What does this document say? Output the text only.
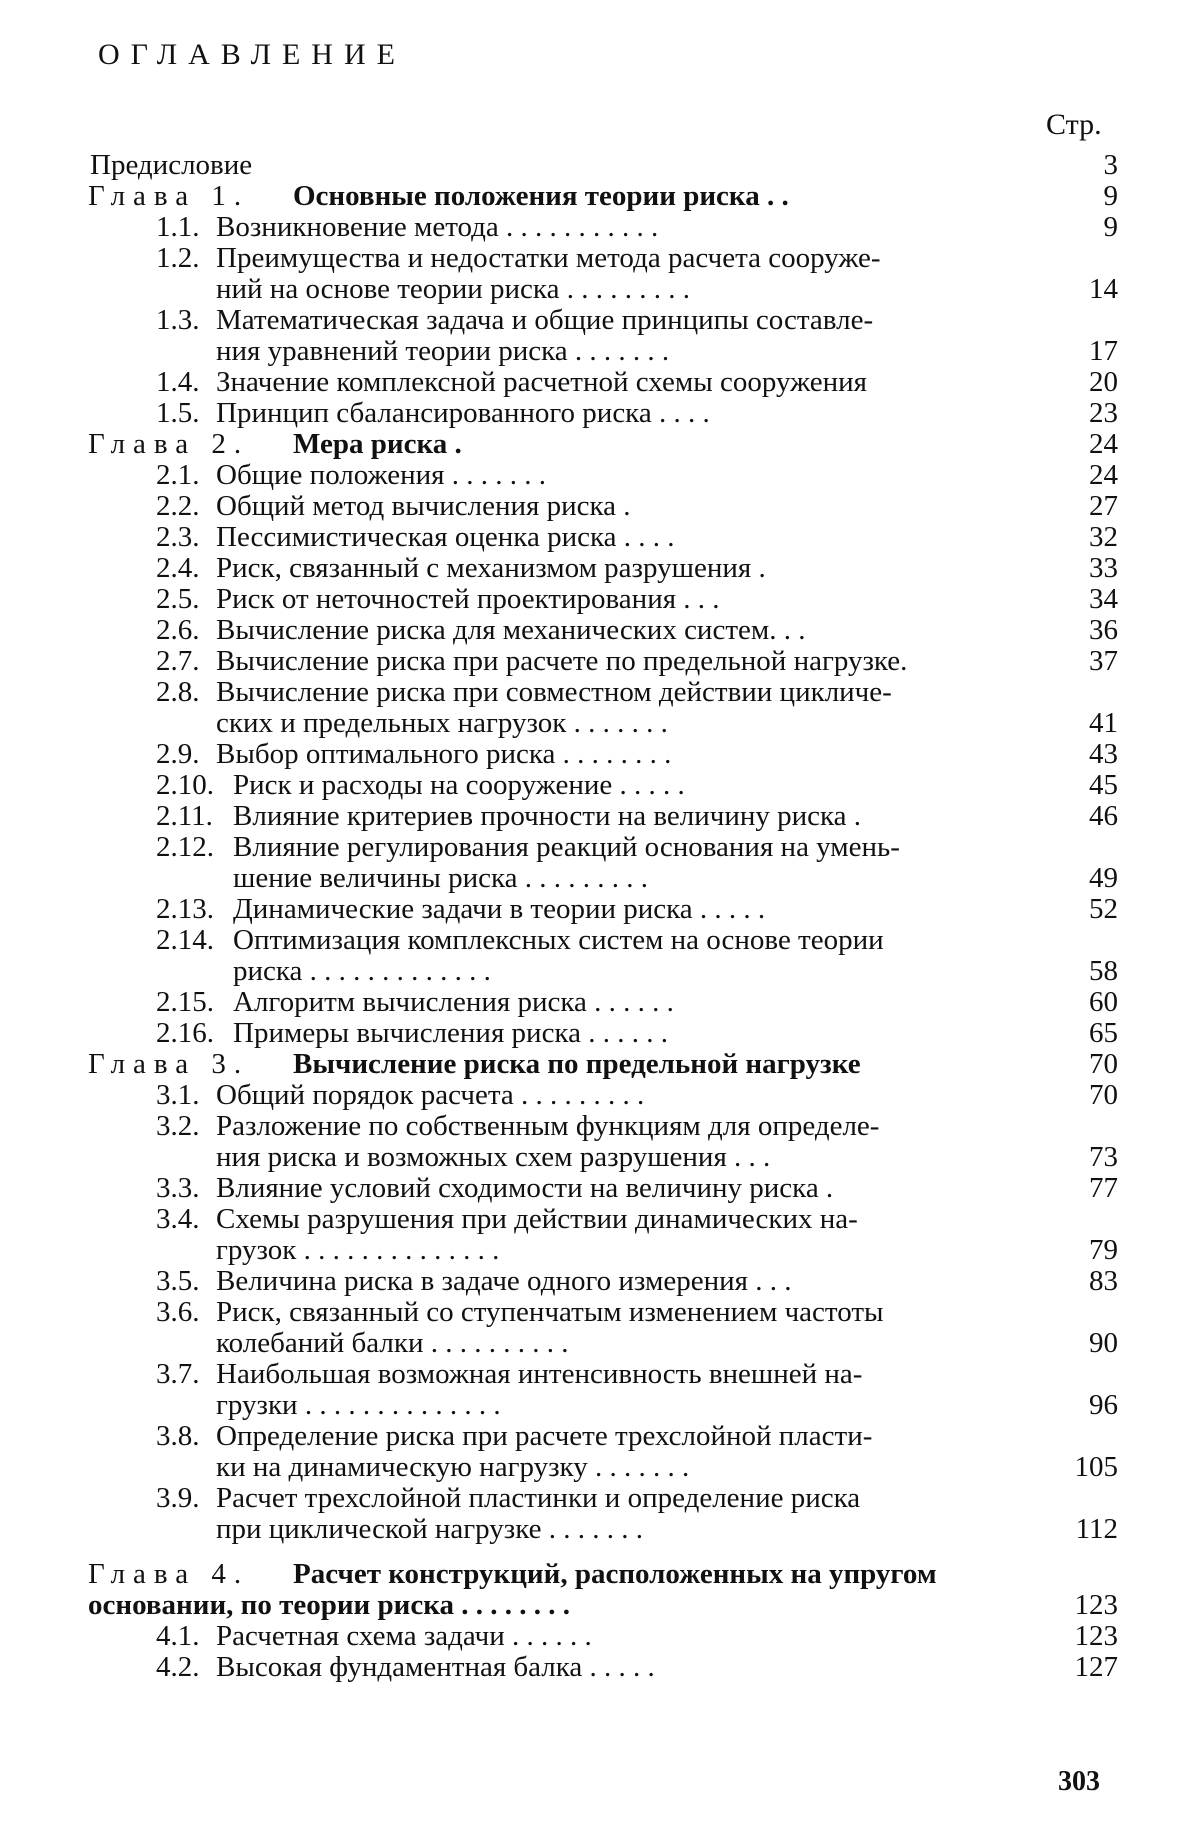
ОГЛАВЛЕНИЕ
Стр.
Предисловие	3
Глава 1. Основные положения теории риска . .	9
1.1. Возникновение метода . . . . . . . . . . .	9
1.2. Преимущества и недостатки метода расчета сооруже-
ний на основе теории риска . . . . . . . . .	14
1.3. Математическая задача и общие принципы составле-
ния уравнений теории риска . . . . . . .	17
1.4. Значение комплексной расчетной схемы сооружения	20
1.5. Принцип сбалансированного риска . . . .	23
Глава 2. Мера риска .	24
2.1. Общие положения . . . . . . .	24
2.2. Общий метод вычисления риска .	27
2.3. Пессимистическая оценка риска . . . .	32
2.4. Риск, связанный с механизмом разрушения .	33
2.5. Риск от неточностей проектирования . . .	34
2.6. Вычисление риска для механических систем. . .	36
2.7. Вычисление риска при расчете по предельной нагрузке.	37
2.8. Вычисление риска при совместном действии цикличе-
ских и предельных нагрузок . . . . . . .	41
2.9. Выбор оптимального риска . . . . . . . .	43
2.10. Риск и расходы на сооружение . . . . .	45
2.11. Влияние критериев прочности на величину риска .	46
2.12. Влияние регулирования реакций основания на умень-
шение величины риска . . . . . . . . .	49
2.13. Динамические задачи в теории риска . . . . .	52
2.14. Оптимизация комплексных систем на основе теории
риска . . . . . . . . . . . . .	58
2.15. Алгоритм вычисления риска . . . . . .	60
2.16. Примеры вычисления риска . . . . . .	65
Глава 3. Вычисление риска по предельной нагрузке	70
3.1. Общий порядок расчета . . . . . . . . .	70
3.2. Разложение по собственным функциям для определе-
ния риска и возможных схем разрушения . . .	73
3.3. Влияние условий сходимости на величину риска .	77
3.4. Схемы разрушения при действии динамических на-
грузок . . . . . . . . . . . . . .	79
3.5. Величина риска в задаче одного измерения . . .	83
3.6. Риск, связанный со ступенчатым изменением частоты
колебаний балки . . . . . . . . . .	90
3.7. Наибольшая возможная интенсивность внешней на-
грузки . . . . . . . . . . . . . .	96
3.8. Определение риска при расчете трехслойной пласти-
ки на динамическую нагрузку . . . . . . .	105
3.9. Расчет трехслойной пластинки и определение риска
при циклической нагрузке . . . . . . .	112
Глава 4. Расчет конструкций, расположенных на упругом
основании, по теории риска . . . . . . . .	123
4.1. Расчетная схема задачи . . . . . .	123
4.2. Высокая фундаментная балка . . . . .	127
303
